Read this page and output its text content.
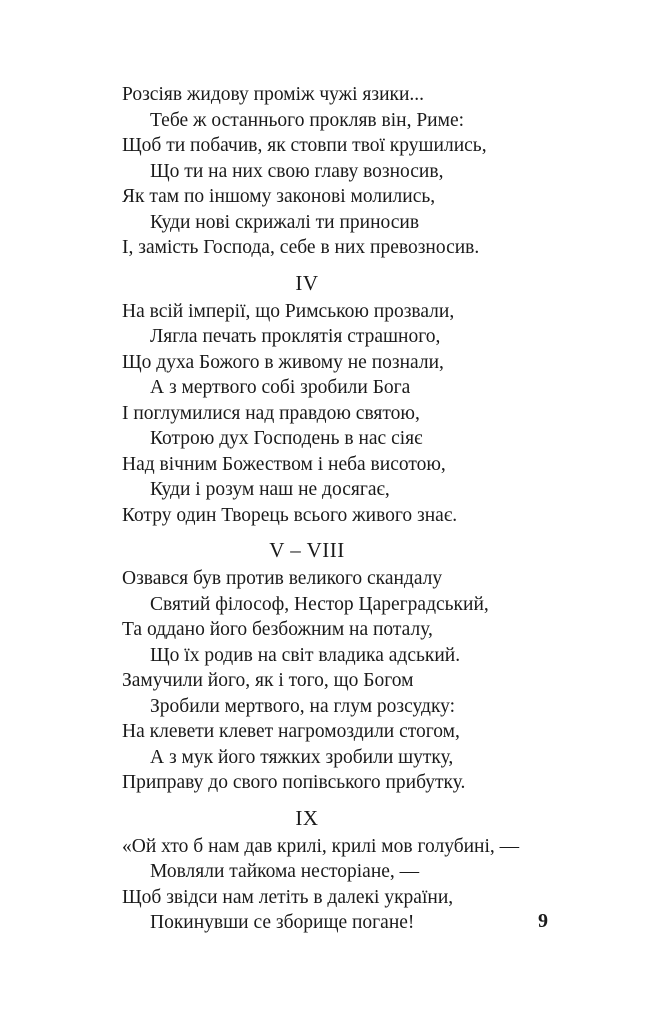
Розсіяв жидову проміж чужі язики...
Тебе ж останнього прокляв він, Риме:
Щоб ти побачив, як стовпи твої крушились,
Що ти на них свою главу возносив,
Як там по іншому законові молились,
Куди нові скрижалі ти приносив
І, замість Господа, себе в них превозносив.
IV
На всій імперії, що Римською прозвали,
Лягла печать проклятія страшного,
Що духа Божого в живому не познали,
А з мертвого собі зробили Бога
І поглумилися над правдою святою,
Котрою дух Господень в нас сіяє
Над вічним Божеством і неба висотою,
Куди і розум наш не досягає,
Котру один Творець всього живого знає.
V – VIII
Озвався був против великого скандалу
Святий філософ, Нестор Цареградський,
Та оддано його безбожним на поталу,
Що їх родив на світ владика адський.
Замучили його, як і того, що Богом
Зробили мертвого, на глум розсудку:
На клевети клевет нагромоздили стогом,
А з мук його тяжких зробили шутку,
Приправу до свого попівського прибутку.
IX
«Ой хто б нам дав крилі, крилі мов голубині, —
Мовляли тайкома несторіане, —
Щоб звідси нам летіть в далекі україни,
Покинувши се зборище погане!	9
